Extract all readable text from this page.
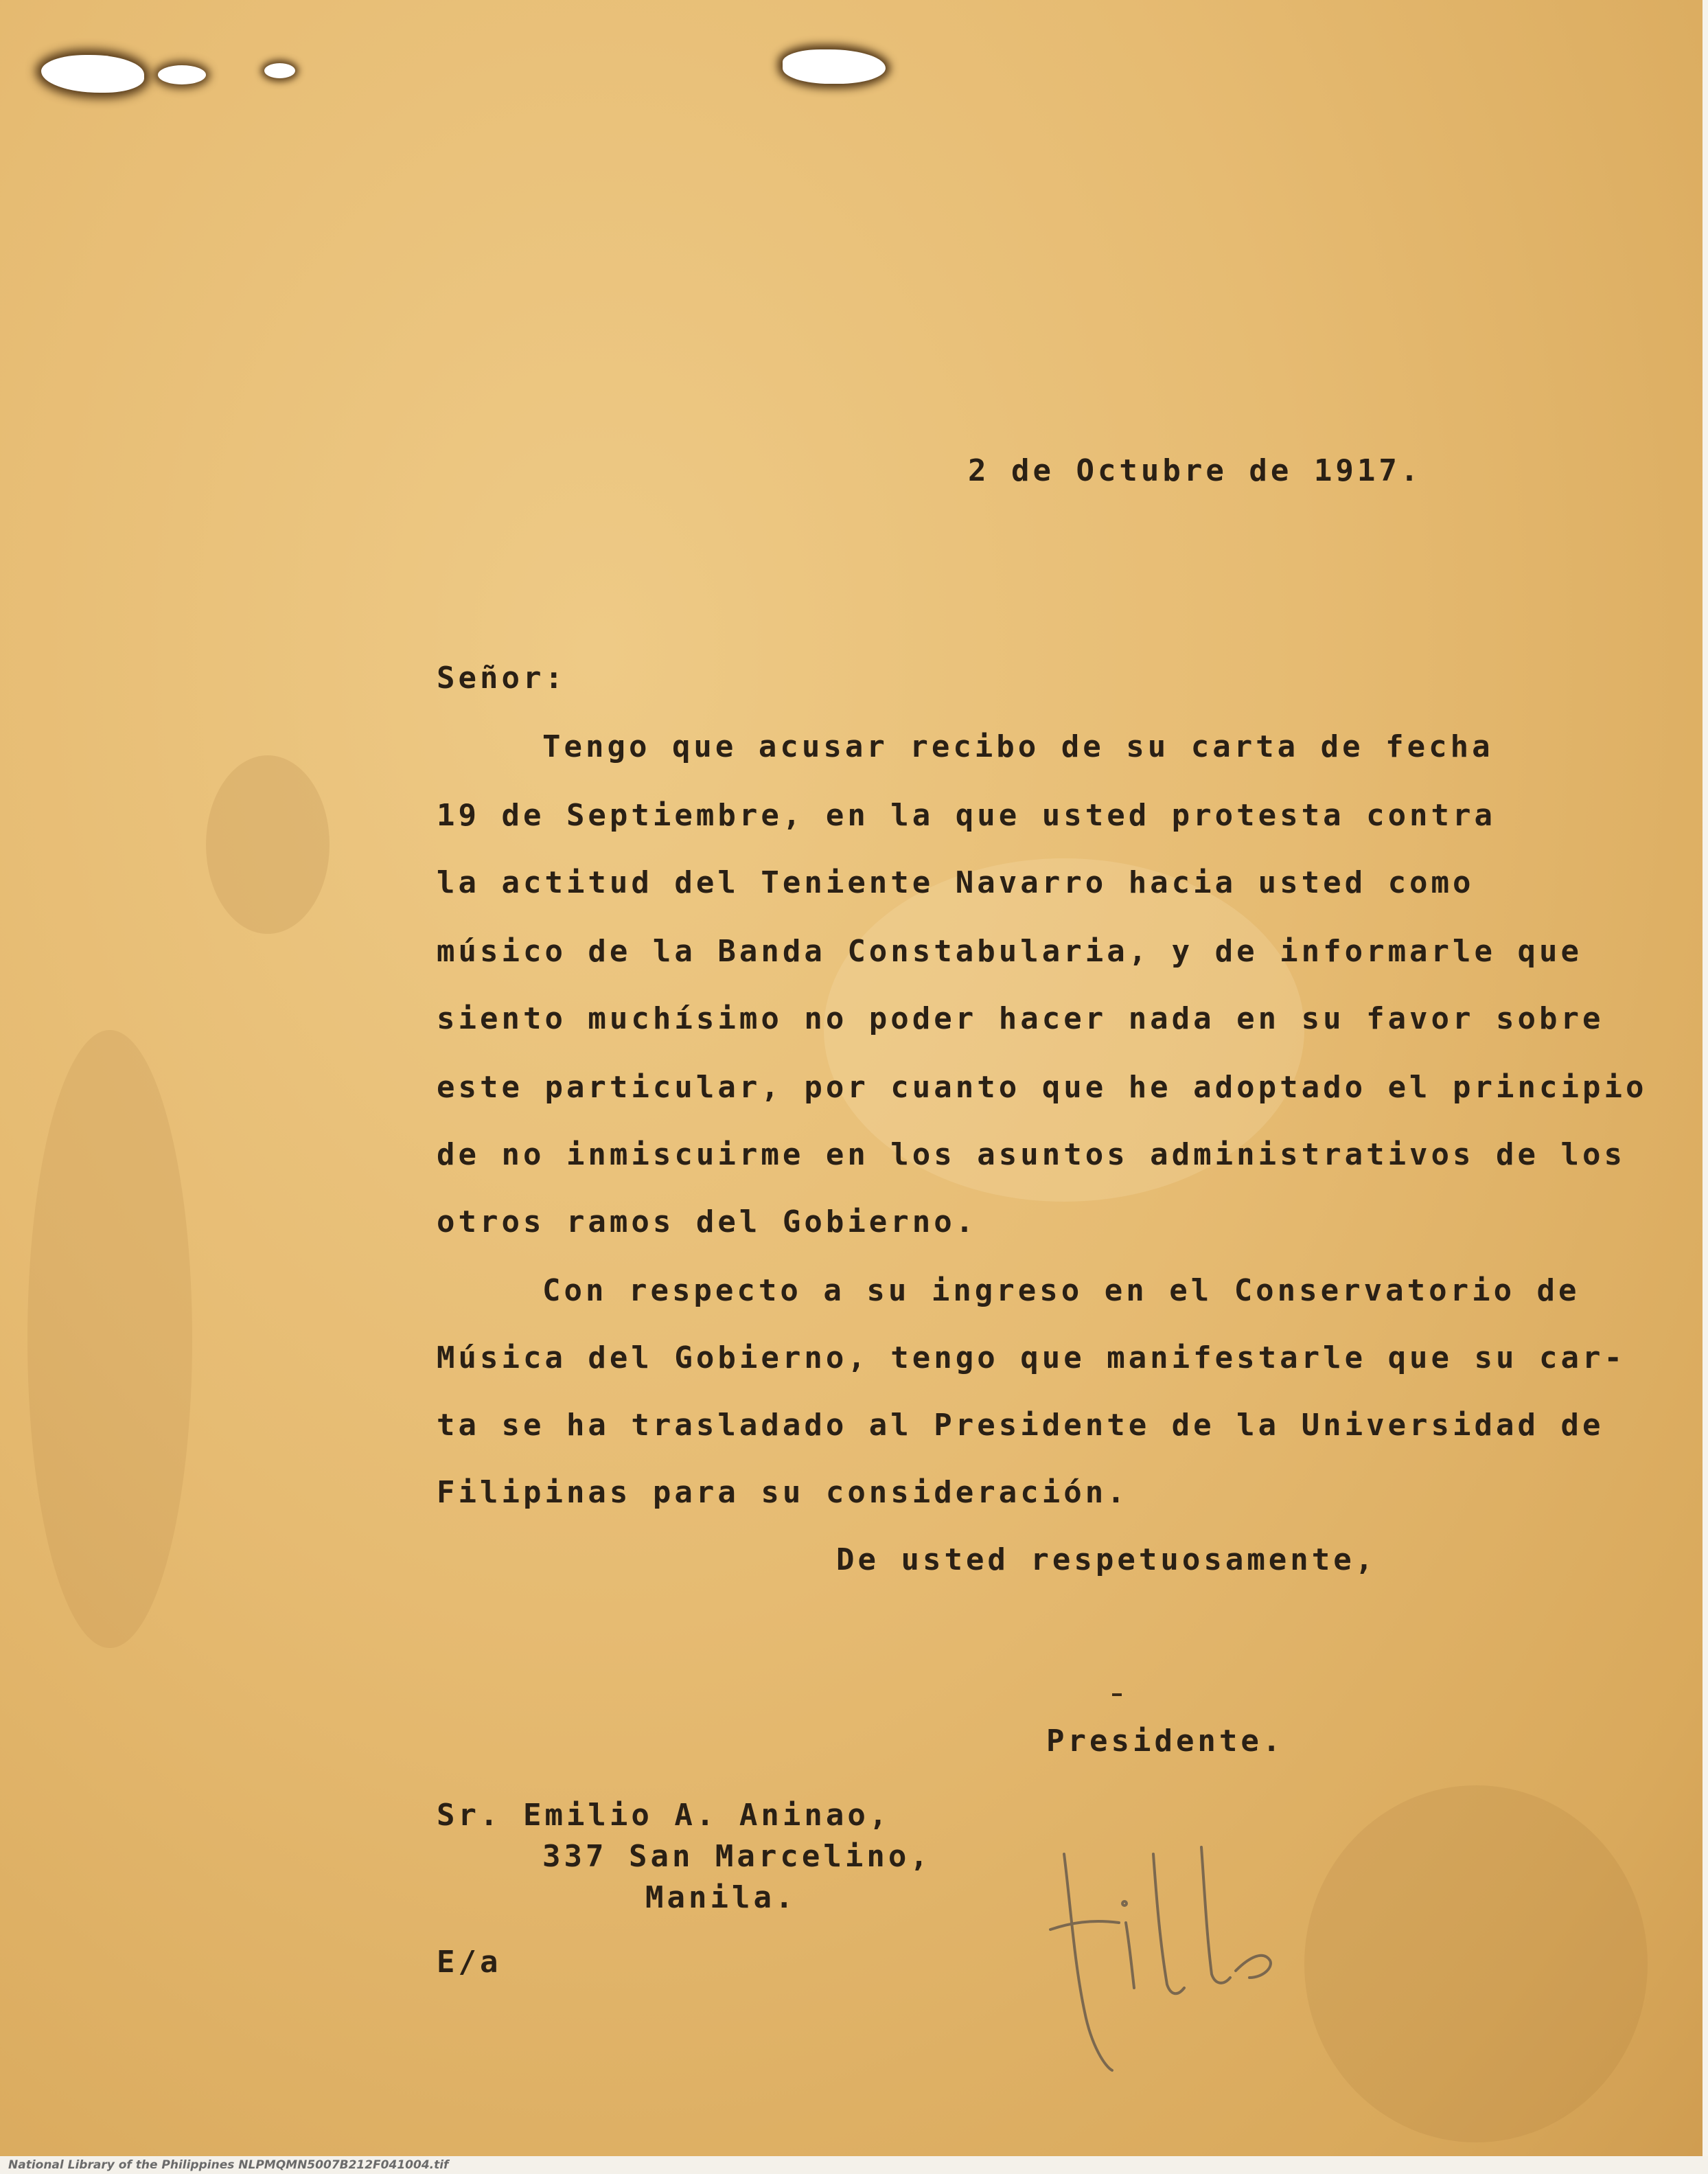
2 de Octubre de 1917.
Señor:
Tengo que acusar recibo de su carta de fecha
19 de Septiembre, en la que usted protesta contra
la actitud del Teniente Navarro hacia usted como
músico de la Banda Constabularia, y de informarle que
siento muchísimo no poder hacer nada en su favor sobre
este particular, por cuanto que he adoptado el principio
de no inmiscuirme en los asuntos administrativos de los
otros ramos del Gobierno.
Con respecto a su ingreso en el Conservatorio de
Música del Gobierno, tengo que manifestarle que su car-
ta se ha trasladado al Presidente de la Universidad de
Filipinas para su consideración.
De usted respetuosamente,
Presidente.
Sr. Emilio A. Aninao,
337 San Marcelino,
Manila.
E/a
National Library of the Philippines NLPMQMN5007B212F041004.tif
